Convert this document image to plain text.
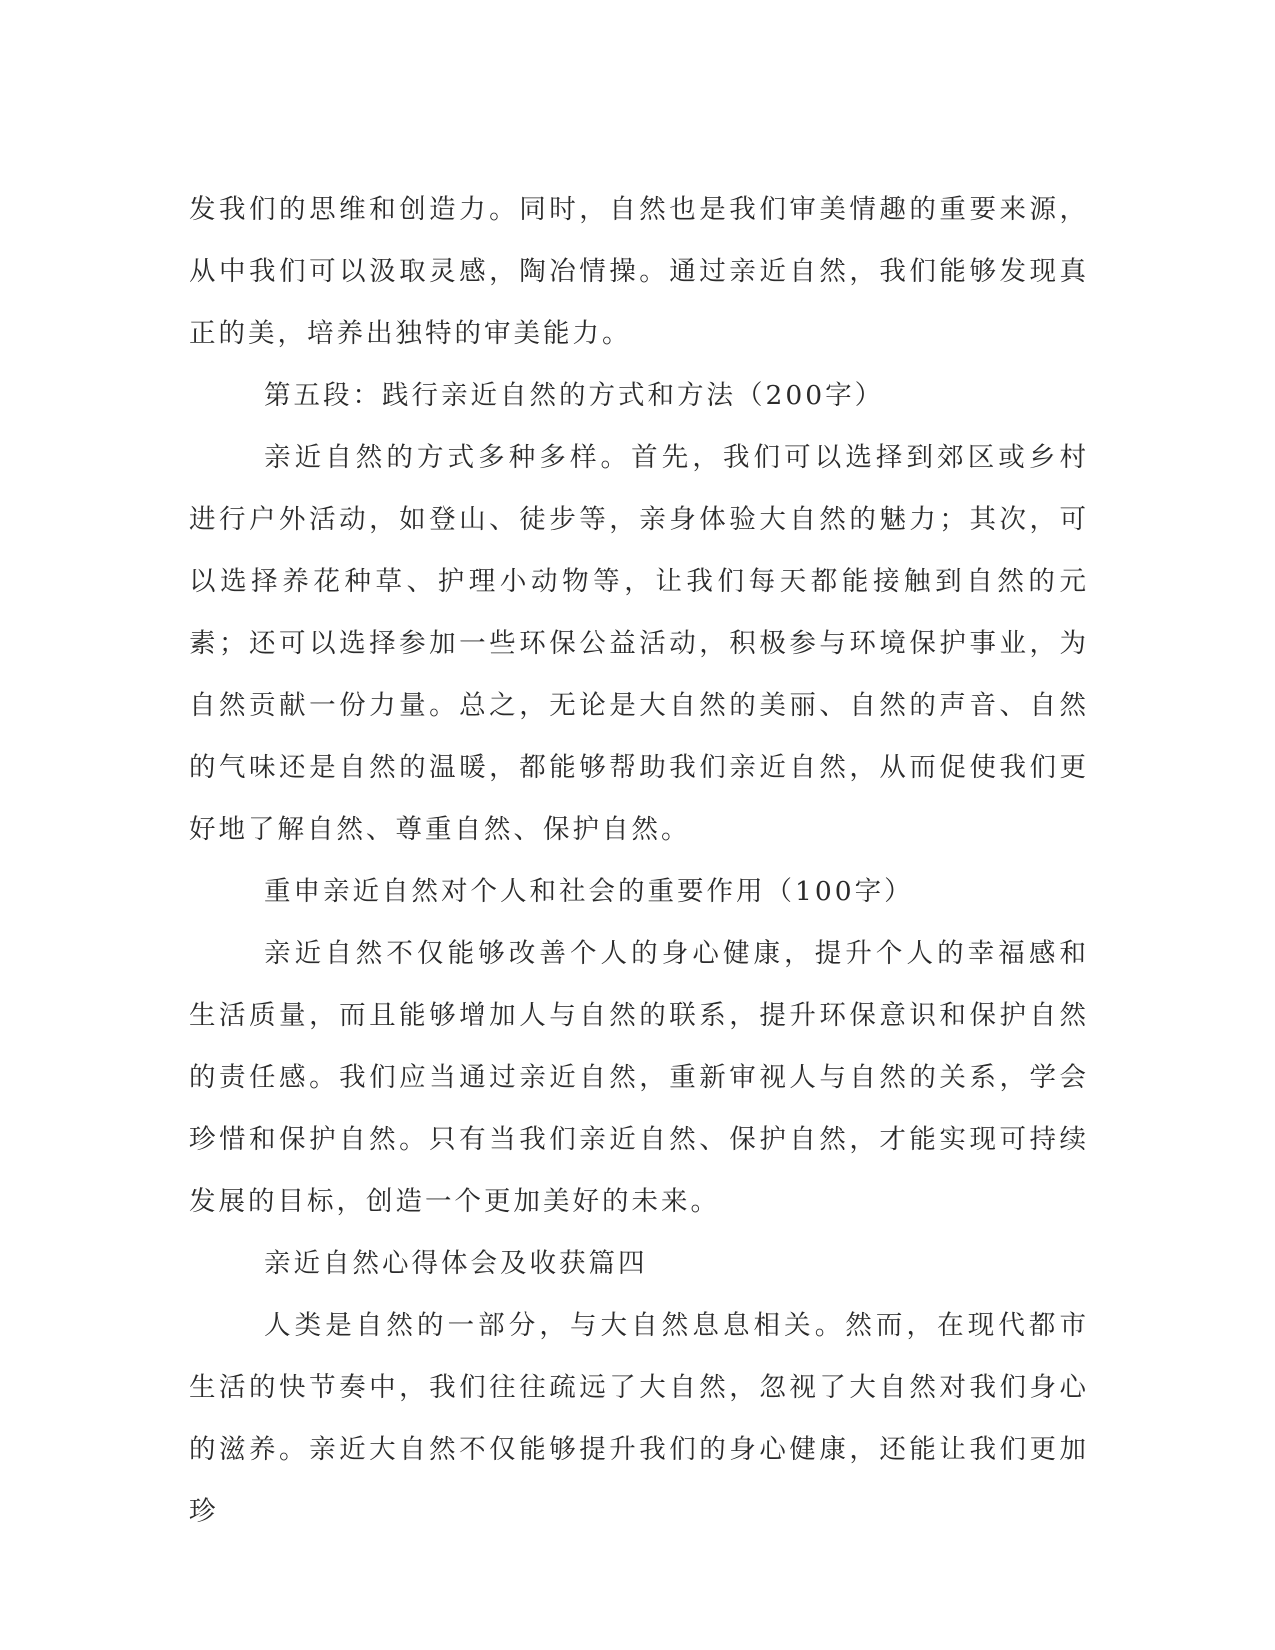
发我们的思维和创造力。同时，自然也是我们审美情趣的重要来源，从中我们可以汲取灵感，陶冶情操。通过亲近自然，我们能够发现真正的美，培养出独特的审美能力。

第五段：践行亲近自然的方式和方法（200字）

亲近自然的方式多种多样。首先，我们可以选择到郊区或乡村进行户外活动，如登山、徒步等，亲身体验大自然的魅力；其次，可以选择养花种草、护理小动物等，让我们每天都能接触到自然的元素；还可以选择参加一些环保公益活动，积极参与环境保护事业，为自然贡献一份力量。总之，无论是大自然的美丽、自然的声音、自然的气味还是自然的温暖，都能够帮助我们亲近自然，从而促使我们更好地了解自然、尊重自然、保护自然。

重申亲近自然对个人和社会的重要作用（100字）

亲近自然不仅能够改善个人的身心健康，提升个人的幸福感和生活质量，而且能够增加人与自然的联系，提升环保意识和保护自然的责任感。我们应当通过亲近自然，重新审视人与自然的关系，学会珍惜和保护自然。只有当我们亲近自然、保护自然，才能实现可持续发展的目标，创造一个更加美好的未来。

亲近自然心得体会及收获篇四

人类是自然的一部分，与大自然息息相关。然而，在现代都市生活的快节奏中，我们往往疏远了大自然，忽视了大自然对我们身心的滋养。亲近大自然不仅能够提升我们的身心健康，还能让我们更加珍
